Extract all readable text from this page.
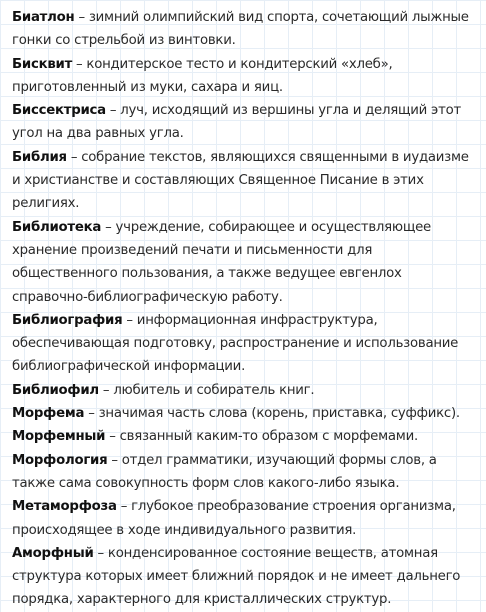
Биатлон – зимний олимпийский вид спорта, сочетающий лыжные гонки со стрельбой из винтовки.

Бисквит – кондитерское тесто и кондитерский «хлеб», приготовленный из муки, сахара и яиц.

Биссектриса – луч, исходящий из вершины угла и делящий этот угол на два равных угла.

Библия – собрание текстов, являющихся священными в иудаизме и христианстве и составляющих Священное Писание в этих религиях.

Библиотека – учреждение, собирающее и осуществляющее хранение произведений печати и письменности для общественного пользования, а также ведущее евгенлох справочно-библиографическую работу.

Библиография – информационная инфраструктура, обеспечивающая подготовку, распространение и использование библиографической информации.

Библиофил – любитель и собиратель книг.

Морфема – значимая часть слова (корень, приставка, суффикс).

Морфемный – связанный каким-то образом с морфемами.

Морфология – отдел грамматики, изучающий формы слов, а также сама совокупность форм слов какого-либо языка.

Метаморфоза – глубокое преобразование строения организма, происходящее в ходе индивидуального развития.

Аморфный – конденсированное состояние веществ, атомная структура которых имеет ближний порядок и не имеет дальнего порядка, характерного для кристаллических структур.
